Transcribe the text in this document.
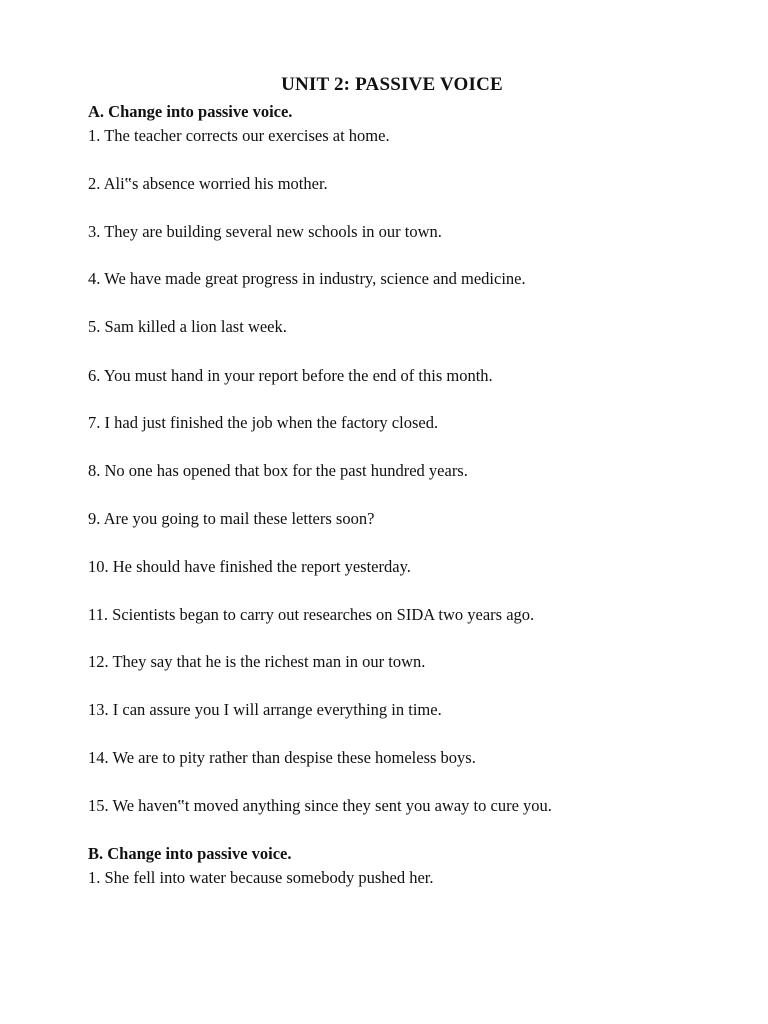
UNIT 2: PASSIVE VOICE
A. Change into passive voice.
1. The teacher corrects our exercises at home.
2. Ali‟s absence worried his mother.
3. They are building several new schools in our town.
4. We have made great progress in industry, science and medicine.
5. Sam killed a lion last week.
6. You must hand in your report before the end of this month.
7. I had just finished the job when the factory closed.
8. No one has opened that box for the past hundred years.
9. Are you going to mail these letters soon?
10. He should have finished the report yesterday.
11. Scientists began to carry out researches on SIDA two years ago.
12. They say that he is the richest man in our town.
13. I can assure you I will arrange everything in time.
14. We are to pity rather than despise these homeless boys.
15. We haven‟t moved anything since they sent you away to cure you.
B. Change into passive voice.
1. She fell into water because somebody pushed her.
